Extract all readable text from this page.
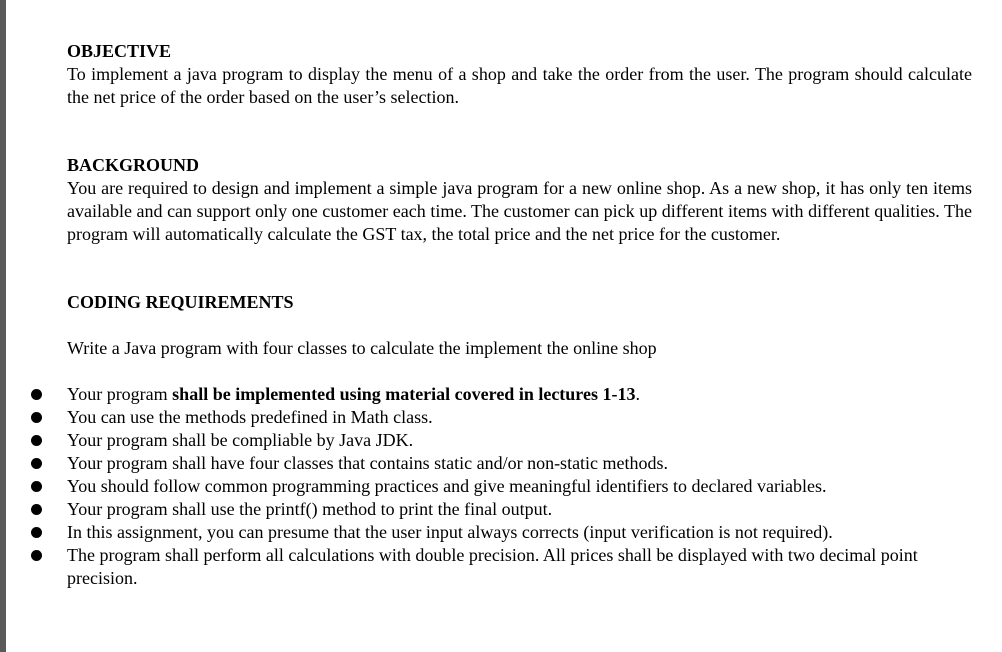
OBJECTIVE

To implement a java program to display the menu of a shop and take the order from the user. The program should calculate the net price of the order based on the user’s selection.

BACKGROUND

You are required to design and implement a simple java program for a new online shop. As a new shop, it has only ten items available and can support only one customer each time. The customer can pick up different items with different qualities. The program will automatically calculate the GST tax, the total price and the net price for the customer.

CODING REQUIREMENTS

Write a Java program with four classes to calculate the implement the online shop

Your program shall be implemented using material covered in lectures 1-13.
You can use the methods predefined in Math class.
Your program shall be compliable by Java JDK.
Your program shall have four classes that contains static and/or non-static methods.
You should follow common programming practices and give meaningful identifiers to declared variables.
Your program shall use the printf() method to print the final output.
In this assignment, you can presume that the user input always corrects (input verification is not required).
The program shall perform all calculations with double precision. All prices shall be displayed with two decimal point precision.
